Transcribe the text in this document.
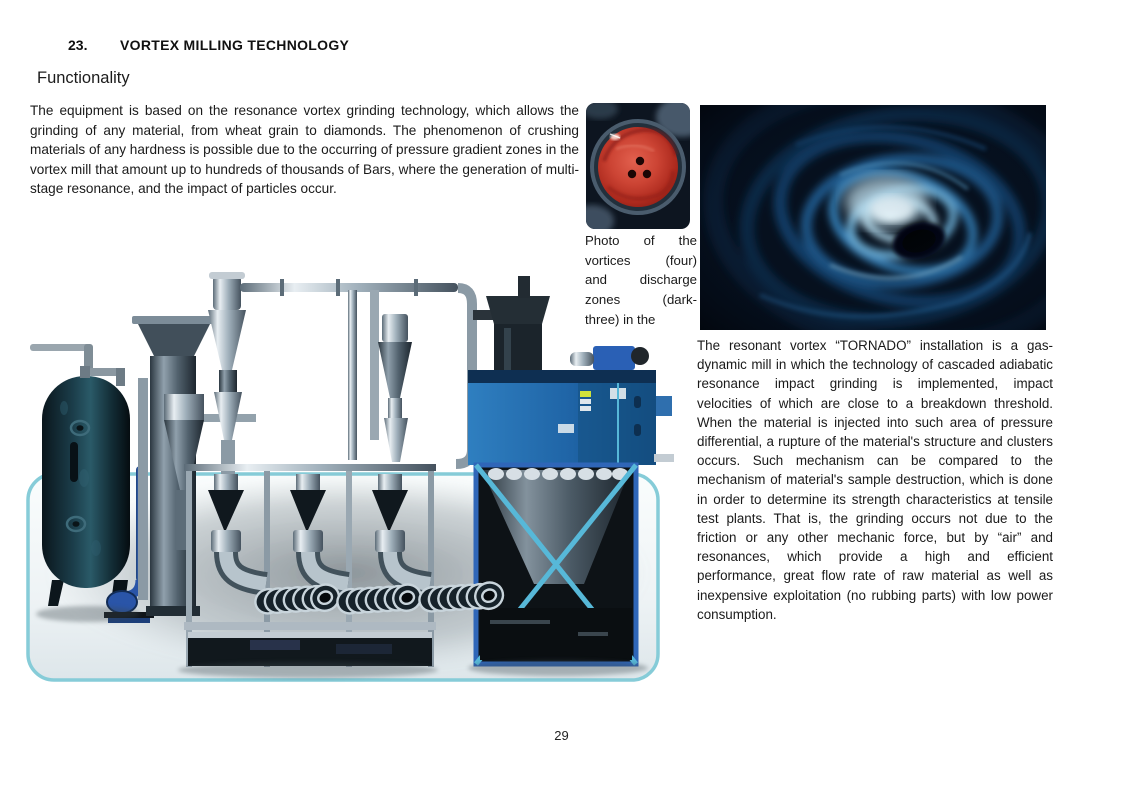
23. VORTEX MILLING TECHNOLOGY
Functionality
The equipment is based on the resonance vortex grinding technology, which allows the grinding of any material, from wheat grain to diamonds. The phenomenon of crushing materials of any hardness is possible due to the occurring of pressure gradient zones in the vortex mill that amount up to hundreds of thousands of Bars, where the generation of multi-stage resonance, and the impact of particles occur.
Photo of the
vortices (four)
and discharge
zones (dark-
three) in the
The resonant vortex “TORNADO” installation is a gas-dynamic mill in which the technology of cascaded adiabatic resonance impact grinding is implemented, impact velocities of which are close to a breakdown threshold. When the material is injected into such area of pressure differential, a rupture of the material's structure and clusters occurs. Such mechanism can be compared to the mechanism of material's sample destruction, which is done in order to determine its strength characteristics at tensile test plants. That is, the grinding occurs not due to the friction or any other mechanic force, but by “air” and resonances, which provide a high and efficient performance, great flow rate of raw material as well as inexpensive exploitation (no rubbing parts) with low power consumption.
29
